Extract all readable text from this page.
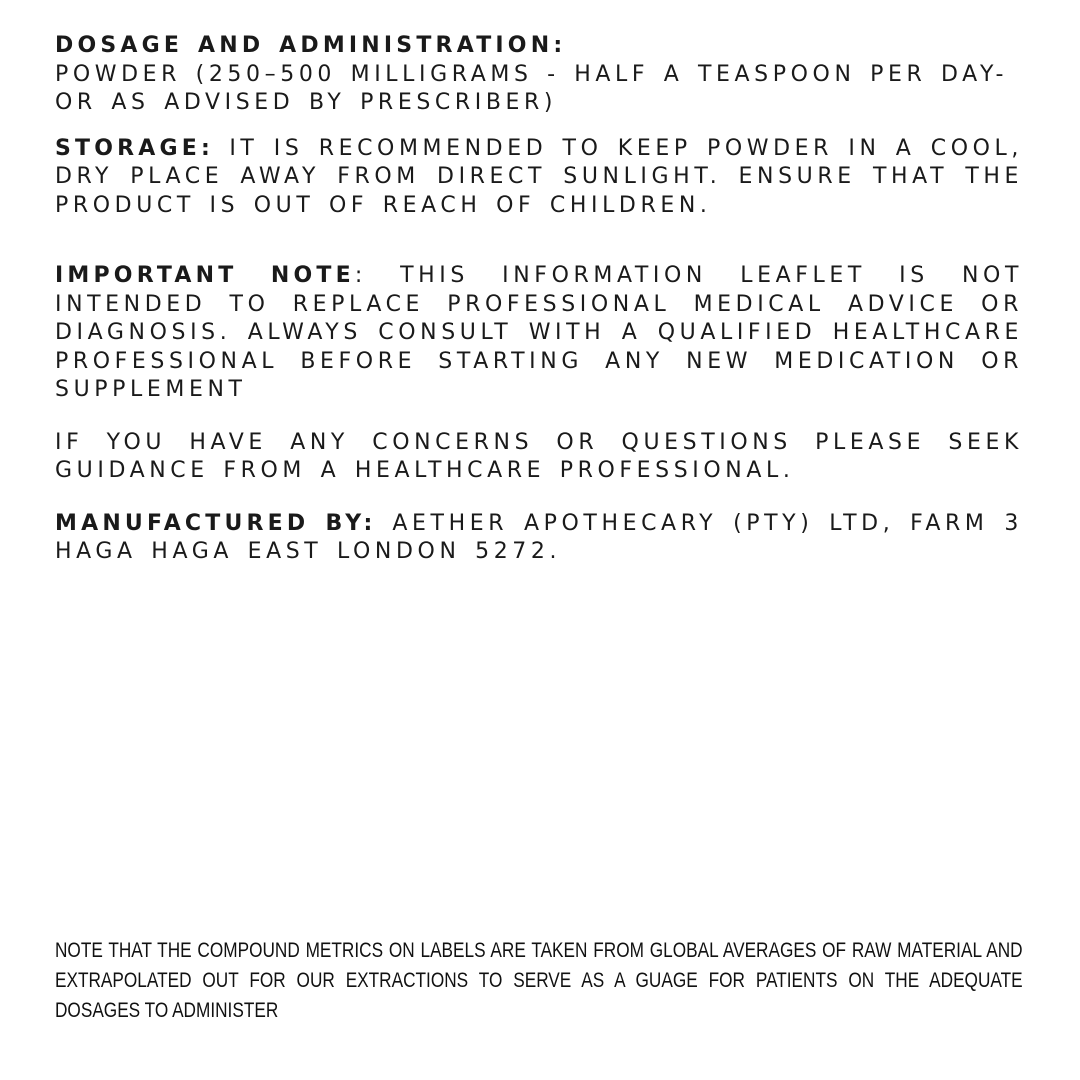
DOSAGE AND ADMINISTRATION:
POWDER (250–500 MILLIGRAMS - HALF A TEASPOON PER DAY- OR AS ADVISED BY PRESCRIBER)

STORAGE: IT IS RECOMMENDED TO KEEP POWDER IN A COOL, DRY PLACE AWAY FROM DIRECT SUNLIGHT. ENSURE THAT THE PRODUCT IS OUT OF REACH OF CHILDREN.

IMPORTANT NOTE: THIS INFORMATION LEAFLET IS NOT INTENDED TO REPLACE PROFESSIONAL MEDICAL ADVICE OR DIAGNOSIS. ALWAYS CONSULT WITH A QUALIFIED HEALTHCARE PROFESSIONAL BEFORE STARTING ANY NEW MEDICATION OR SUPPLEMENT

IF YOU HAVE ANY CONCERNS OR QUESTIONS PLEASE SEEK GUIDANCE FROM A HEALTHCARE PROFESSIONAL.

MANUFACTURED BY: AETHER APOTHECARY (PTY) LTD, FARM 3 HAGA HAGA EAST LONDON 5272.

NOTE THAT THE COMPOUND METRICS ON LABELS ARE TAKEN FROM GLOBAL AVERAGES OF RAW MATERIAL AND EXTRAPOLATED OUT FOR OUR EXTRACTIONS TO SERVE AS A GUAGE FOR PATIENTS ON THE ADEQUATE DOSAGES TO ADMINISTER
